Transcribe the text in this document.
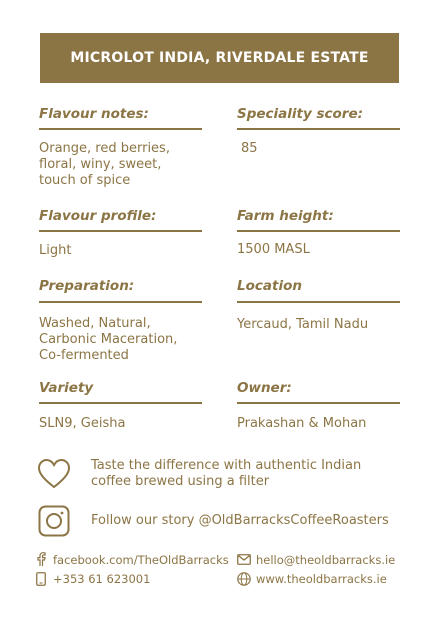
MICROLOT INDIA, RIVERDALE ESTATE
Flavour notes:
Orange, red berries,
floral, winy, sweet,
touch of spice
Speciality score:
85
Flavour profile:
Light
Farm height:
1500 MASL
Preparation:
Washed, Natural,
Carbonic Maceration,
Co-fermented
Location
Yercaud, Tamil Nadu
Variety
SLN9, Geisha
Owner:
Prakashan & Mohan
Taste the difference with authentic Indian coffee brewed using a filter
Follow our story @OldBarracksCoffeeRoasters
facebook.com/TheOldBarracks hello@theoldbarracks.ie
+353 61 623001	www.theoldbarracks.ie
